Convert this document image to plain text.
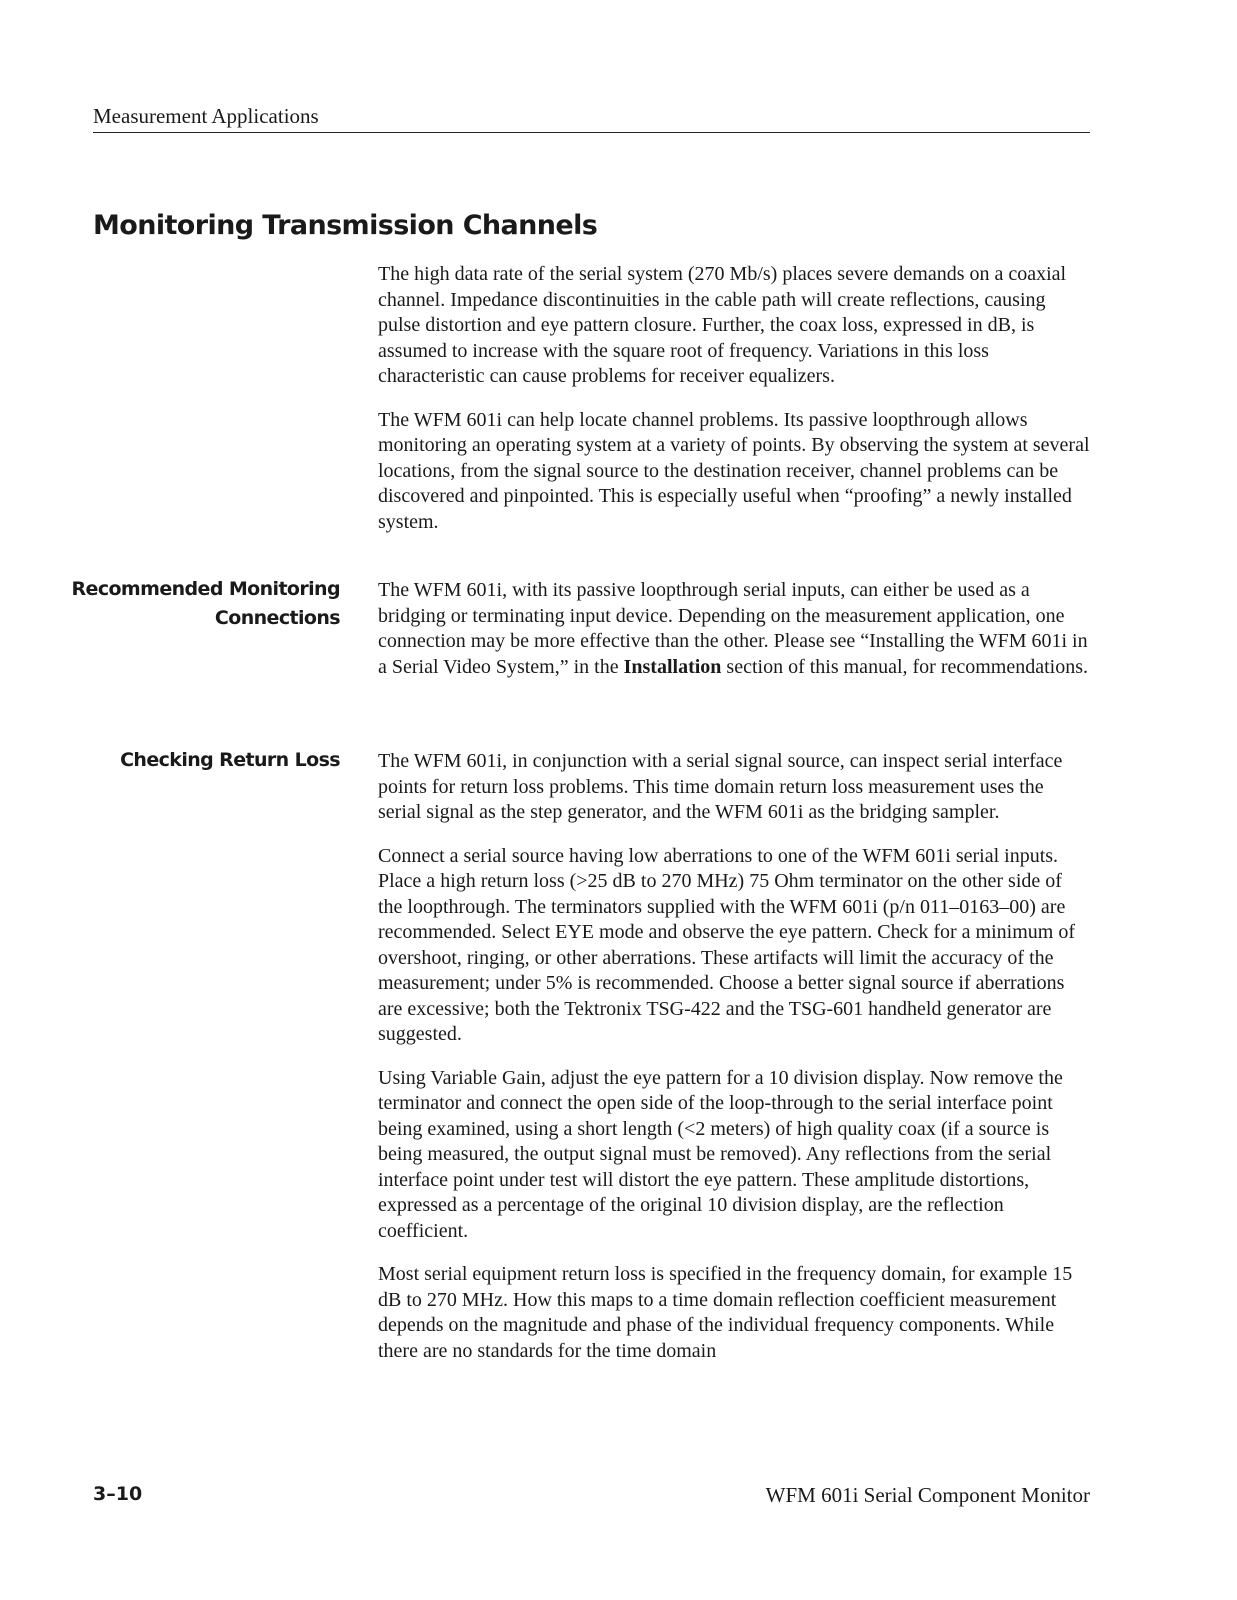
Measurement Applications
Monitoring Transmission Channels

The high data rate of the serial system (270 Mb/s) places severe demands on a coaxial channel. Impedance discontinuities in the cable path will create reflections, causing pulse distortion and eye pattern closure. Further, the coax loss, expressed in dB, is assumed to increase with the square root of frequency. Variations in this loss characteristic can cause problems for receiver equalizers.

The WFM 601i can help locate channel problems. Its passive loopthrough allows monitoring an operating system at a variety of points. By observing the system at several locations, from the signal source to the destination receiver, channel problems can be discovered and pinpointed. This is especially useful when “proofing” a newly installed system.

Recommended Monitoring
Connections

The WFM 601i, with its passive loopthrough serial inputs, can either be used as a bridging or terminating input device. Depending on the measurement application, one connection may be more effective than the other. Please see “Installing the WFM 601i in a Serial Video System,” in the Installation section of this manual, for recommendations.

Checking Return Loss The WFM 601i, in conjunction with a serial signal source, can inspect serial interface points for return loss problems. This time domain return loss measurement uses the serial signal as the step generator, and the WFM 601i as the bridging sampler.

Connect a serial source having low aberrations to one of the WFM 601i serial inputs. Place a high return loss (>25 dB to 270 MHz) 75 Ohm terminator on the other side of the loopthrough. The terminators supplied with the WFM 601i (p/n 011–0163–00) are recommended. Select EYE mode and observe the eye pattern. Check for a minimum of overshoot, ringing, or other aberrations. These artifacts will limit the accuracy of the measurement; under 5% is recommended. Choose a better signal source if aberrations are excessive; both the Tektronix TSG-422 and the TSG-601 handheld generator are suggested.

Using Variable Gain, adjust the eye pattern for a 10 division display. Now remove the terminator and connect the open side of the loop-through to the serial interface point being examined, using a short length (<2 meters) of high quality coax (if a source is being measured, the output signal must be removed). Any reflections from the serial interface point under test will distort the eye pattern. These amplitude distortions, expressed as a percentage of the original 10 division display, are the reflection coefficient.

Most serial equipment return loss is specified in the frequency domain, for example 15 dB to 270 MHz. How this maps to a time domain reflection coefficient measurement depends on the magnitude and phase of the individual frequency components. While there are no standards for the time domain

3–10	WFM 601i Serial Component Monitor
